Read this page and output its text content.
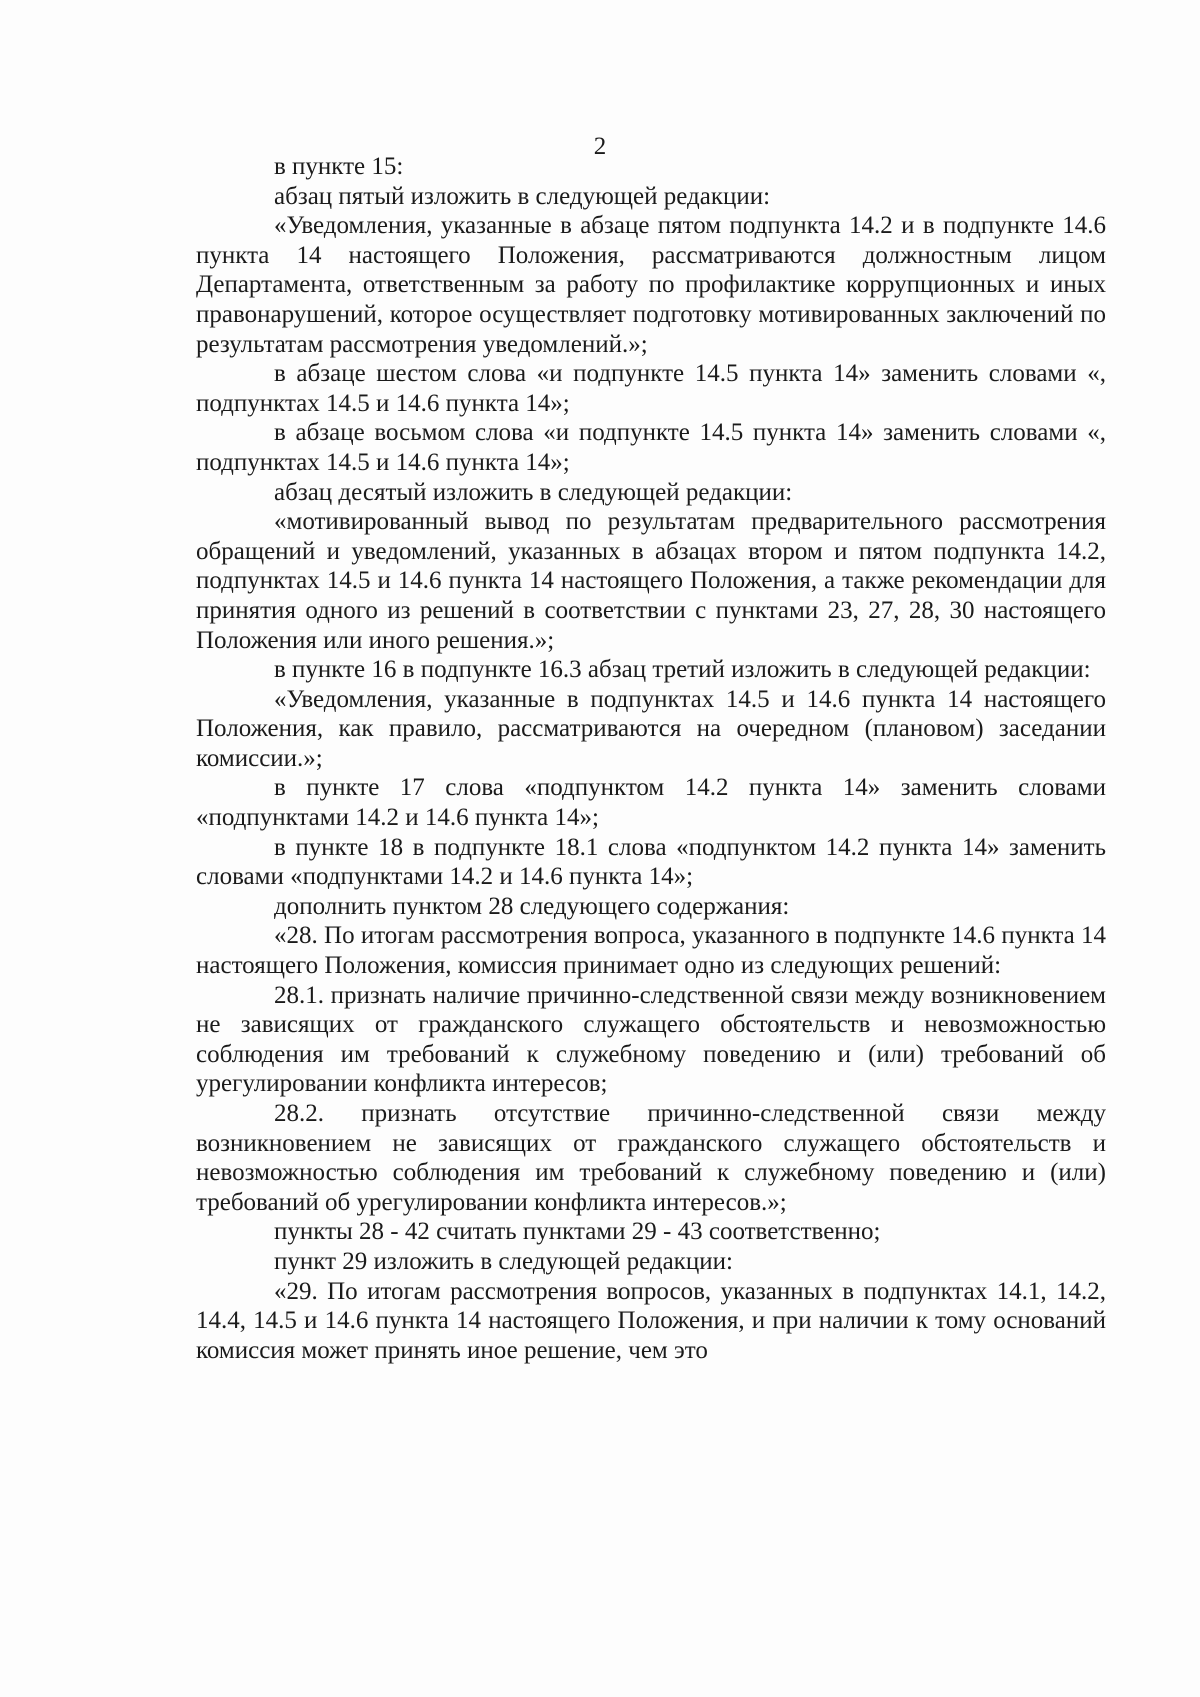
2

в пункте 15:

абзац пятый изложить в следующей редакции:

«Уведомления, указанные в абзаце пятом подпункта 14.2 и в подпункте 14.6 пункта 14 настоящего Положения, рассматриваются должностным лицом Департамента, ответственным за работу по профилактике коррупционных и иных правонарушений, которое осуществляет подготовку мотивированных заключений по результатам рассмотрения уведомлений.»;

в абзаце шестом слова «и подпункте 14.5 пункта 14» заменить словами «, подпунктах 14.5 и 14.6 пункта 14»;

в абзаце восьмом слова «и подпункте 14.5 пункта 14» заменить словами «, подпунктах 14.5 и 14.6 пункта 14»;

абзац десятый изложить в следующей редакции:

«мотивированный вывод по результатам предварительного рассмотрения обращений и уведомлений, указанных в абзацах втором и пятом подпункта 14.2, подпунктах 14.5 и 14.6 пункта 14 настоящего Положения, а также рекомендации для принятия одного из решений в соответствии с пунктами 23, 27, 28, 30 настоящего Положения или иного решения.»;

в пункте 16 в подпункте 16.3 абзац третий изложить в следующей редакции:

«Уведомления, указанные в подпунктах 14.5 и 14.6 пункта 14 настоящего Положения, как правило, рассматриваются на очередном (плановом) заседании комиссии.»;

в пункте 17 слова «подпунктом 14.2 пункта 14» заменить словами «подпунктами 14.2 и 14.6 пункта 14»;

в пункте 18 в подпункте 18.1 слова «подпунктом 14.2 пункта 14» заменить словами «подпунктами 14.2 и 14.6 пункта 14»;

дополнить пунктом 28 следующего содержания:

«28. По итогам рассмотрения вопроса, указанного в подпункте 14.6 пункта 14 настоящего Положения, комиссия принимает одно из следующих решений:

28.1. признать наличие причинно-следственной связи между возникновением не зависящих от гражданского служащего обстоятельств и невозможностью соблюдения им требований к служебному поведению и (или) требований об урегулировании конфликта интересов;

28.2. признать отсутствие причинно-следственной связи между возникновением не зависящих от гражданского служащего обстоятельств и невозможностью соблюдения им требований к служебному поведению и (или) требований об урегулировании конфликта интересов.»;

пункты 28 - 42 считать пунктами 29 - 43 соответственно;

пункт 29 изложить в следующей редакции:

«29. По итогам рассмотрения вопросов, указанных в подпунктах 14.1, 14.2, 14.4, 14.5 и 14.6 пункта 14 настоящего Положения, и при наличии к тому оснований комиссия может принять иное решение, чем это
